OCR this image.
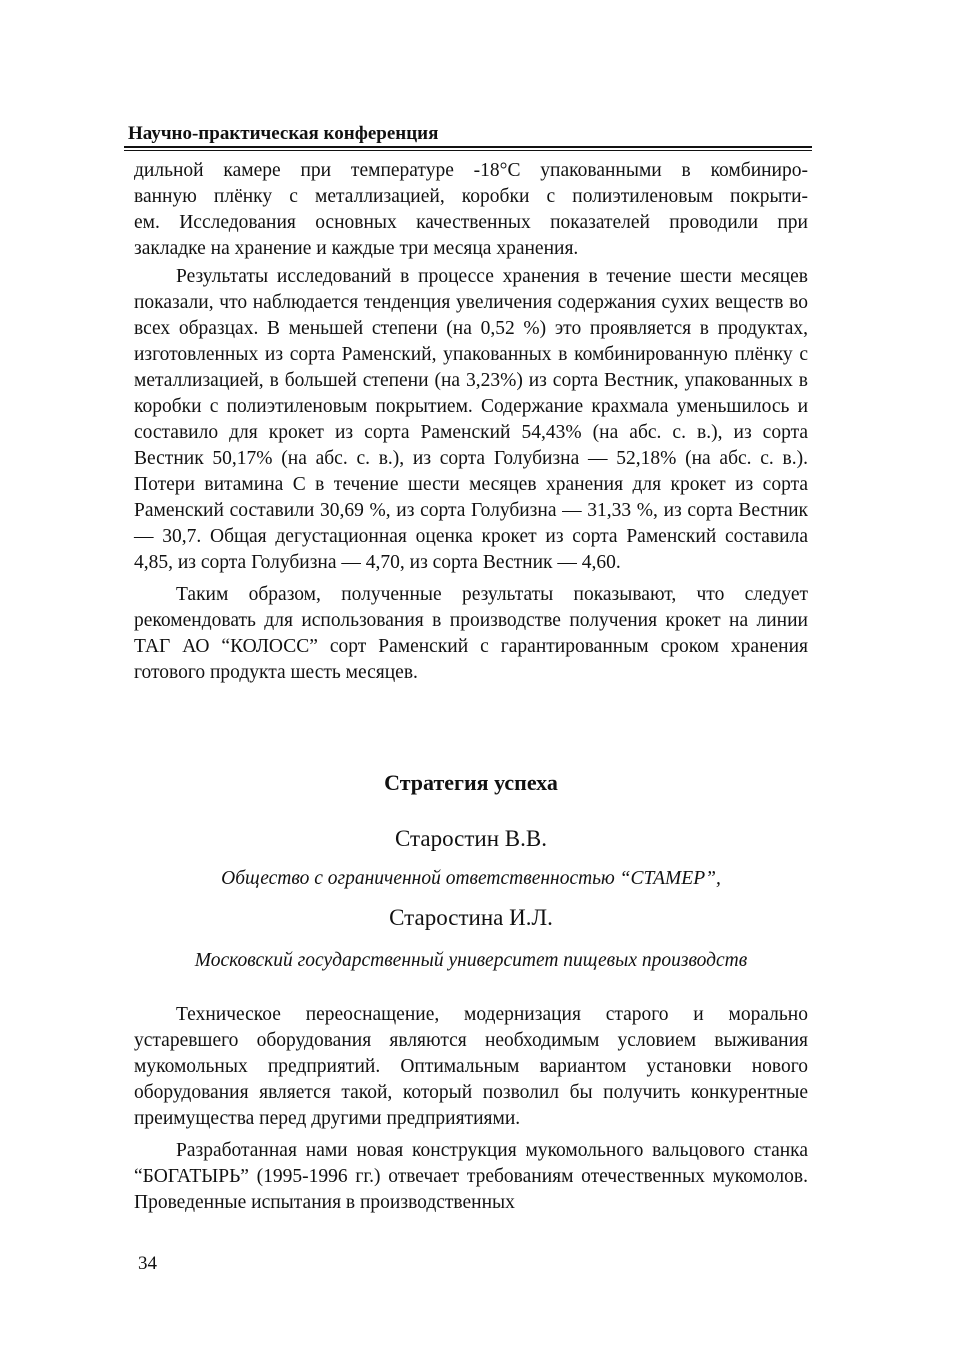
Научно-практическая конференция
дильной камере при температуре -18°С упакованными в комбиниро-
ванную плёнку с металлизацией, коробки с полиэтиленовым покрыти-
ем. Исследования основных качественных показателей проводили при
закладке на хранение и каждые три месяца хранения.

Результаты исследований в процессе хранения в течение шести месяцев показали, что наблюдается тенденция увеличения содержания сухих веществ во всех образцах. В меньшей степени (на 0,52 %) это проявляется в продуктах, изготовленных из сорта Раменский, упакованных в комбинированную плёнку с металлизацией, в большей степени (на 3,23%) из сорта Вестник, упакованных в коробки с полиэтиленовым покрытием. Содержание крахмала уменьшилось и составило для крокет из сорта Раменский 54,43% (на абс. с. в.), из сорта Вестник 50,17% (на абс. с. в.), из сорта Голубизна — 52,18% (на абс. с. в.). Потери витамина С в течение шести месяцев хранения для крокет из сорта Раменский составили 30,69 %, из сорта Голубизна — 31,33 %, из сорта Вестник — 30,7. Общая дегустационная оценка крокет из сорта Раменский составила 4,85, из сорта Голубизна — 4,70, из сорта Вестник — 4,60.

Таким образом, полученные результаты показывают, что следует рекомендовать для использования в производстве получения крокет на линии ТАГ АО “КОЛОСС” сорт Раменский с гарантированным сроком хранения готового продукта шесть месяцев.

Стратегия успеха
Старостин В.В.
Общество с ограниченной ответственностью “СТАМЕР”,
Старостина И.Л.
Московский государственный университет пищевых производств

Техническое переоснащение, модернизация старого и морально устаревшего оборудования являются необходимым условием выживания мукомольных предприятий. Оптимальным вариантом установки нового оборудования является такой, который позволил бы получить конкурентные преимущества перед другими предприятиями.

Разработанная нами новая конструкция мукомольного вальцового станка “БОГАТЫРЬ” (1995-1996 гг.) отвечает требованиям отечественных мукомолов. Проведенные испытания в производственных

34
